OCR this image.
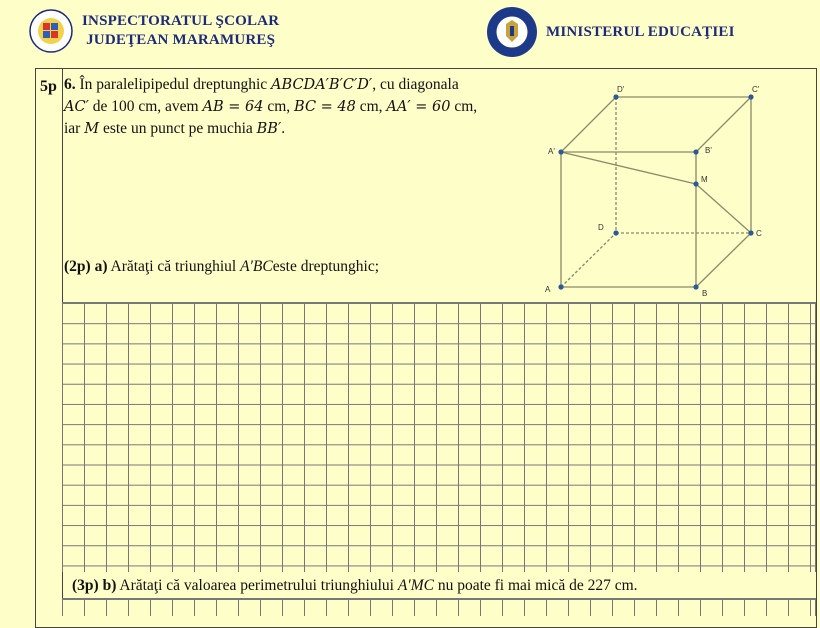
INSPECTORATUL ŞCOLAR
JUDEŢEAN MARAMUREŞ
MINISTERUL EDUCAŢIEI
5p 6. În paralelipipedul dreptunghic ABCDA′B′C′D′, cu diagonala
AC′ de 100 cm, avem AB = 64 cm, BC = 48 cm, AA′ = 60 cm,
iar M este un punct pe muchia BB′.
A	B
C
D
A'	B'
C'
D'
M
(2p) a) Arătaţi că triunghiul A′BCeste dreptunghic;
(3p) b) Arătaţi că valoarea perimetrului triunghiului A′MC nu poate fi mai mică de 227 cm.
